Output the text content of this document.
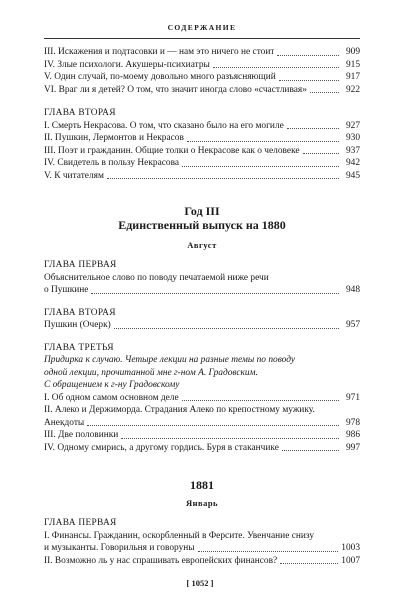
СОДЕРЖАНИЕ
III. Искажения и подтасовки и — нам это ничего не стоит	909
IV. Злые психологи. Акушеры-психиатры	915
V. Один случай, по-моему довольно много разъясняющий	917
VI. Враг ли я детей? О том, что значит иногда слово «счастливая»	922
ГЛАВА ВТОРАЯ
I. Смерть Некрасова. О том, что сказано было на его могиле	927
II. Пушкин, Лермонтов и Некрасов	930
III. Поэт и гражданин. Общие толки о Некрасове как о человеке	937
IV. Свидетель в пользу Некрасова	942
V. К читателям	945
Год III
Единственный выпуск на 1880
Август
ГЛАВА ПЕРВАЯ
Объяснительное слово по поводу печатаемой ниже речи
о Пушкине	948
ГЛАВА ВТОРАЯ
Пушкин (Очерк)	957
ГЛАВА ТРЕТЬЯ
Придирка к случаю. Четыре лекции на разные темы по поводу
одной лекции, прочитанной мне г-ном А. Градовским.
С обращением к г-ну Градовскому
I. Об одном самом основном деле	971
II. Алеко и Держиморда. Страдания Алеко по крепостному мужику.
Анекдоты	978
III. Две половинки	986
IV. Одному смирись, а другому гордись. Буря в стаканчике	997
1881
Январь
ГЛАВА ПЕРВАЯ
I. Финансы. Гражданин, оскорбленный в Ферсите. Увенчание снизу
и музыканты. Говорильня и говоруны	1003
II. Возможно ль у нас спрашивать европейских финансов?	1007
[ 1052 ]
